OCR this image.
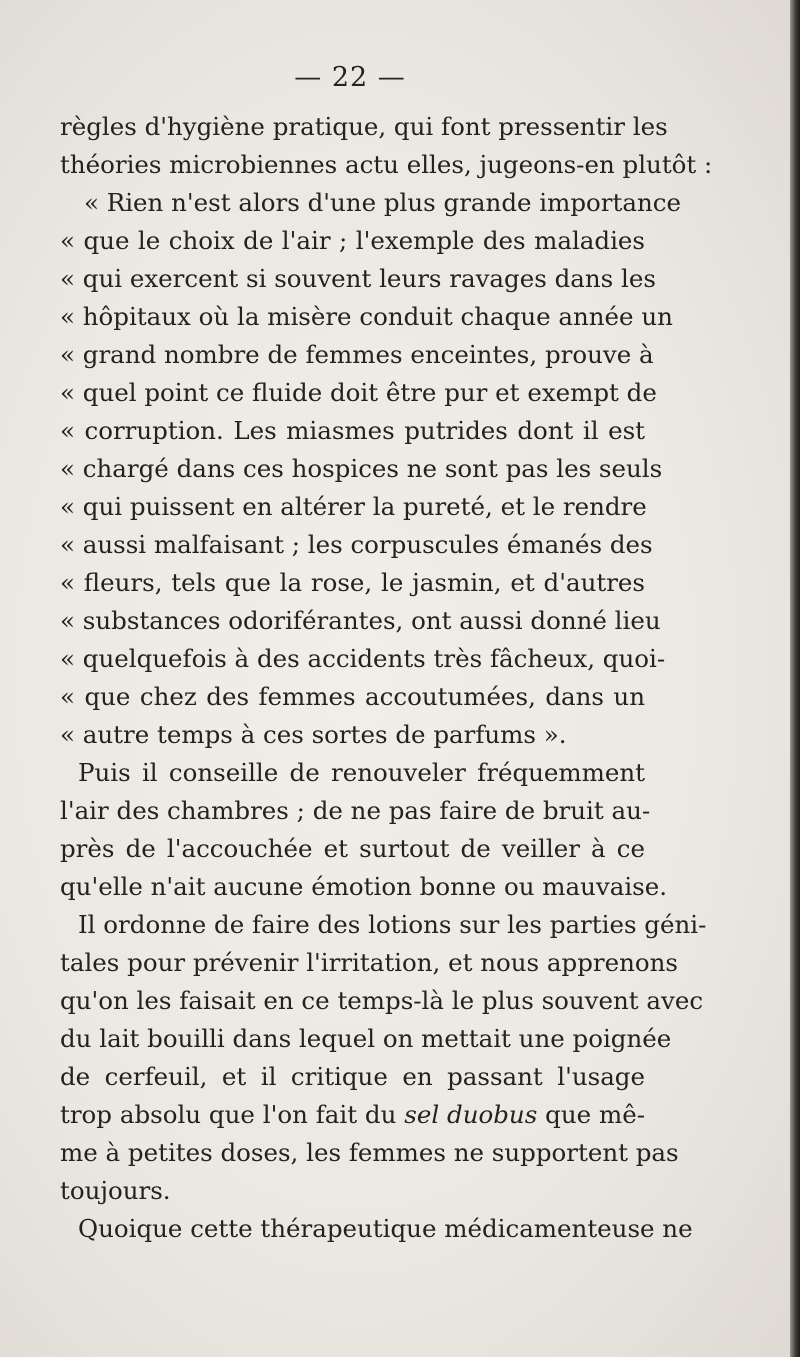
— 22 —
règles d'hygiène pratique, qui font pressentir les
théories microbiennes actu elles, jugeons-en plutôt :
« Rien n'est alors d'une plus grande importance
« que le choix de l'air ; l'exemple des maladies
« qui exercent si souvent leurs ravages dans les
« hôpitaux où la misère conduit chaque année un
« grand nombre de femmes enceintes, prouve à
« quel point ce fluide doit être pur et exempt de
« corruption. Les miasmes putrides dont il est
« chargé dans ces hospices ne sont pas les seuls
« qui puissent en altérer la pureté, et le rendre
« aussi malfaisant ; les corpuscules émanés des
« fleurs, tels que la rose, le jasmin, et d'autres
« substances odoriférantes, ont aussi donné lieu
« quelquefois à des accidents très fâcheux, quoi-
« que chez des femmes accoutumées, dans un
« autre temps à ces sortes de parfums ».
Puis il conseille de renouveler fréquemment
l'air des chambres ; de ne pas faire de bruit au-
près de l'accouchée et surtout de veiller à ce
qu'elle n'ait aucune émotion bonne ou mauvaise.
Il ordonne de faire des lotions sur les parties géni-
tales pour prévenir l'irritation, et nous apprenons
qu'on les faisait en ce temps-là le plus souvent avec
du lait bouilli dans lequel on mettait une poignée
de cerfeuil, et il critique en passant l'usage
trop absolu que l'on fait du sel duobus que mê-
me à petites doses, les femmes ne supportent pas
toujours.
Quoique cette thérapeutique médicamenteuse ne
